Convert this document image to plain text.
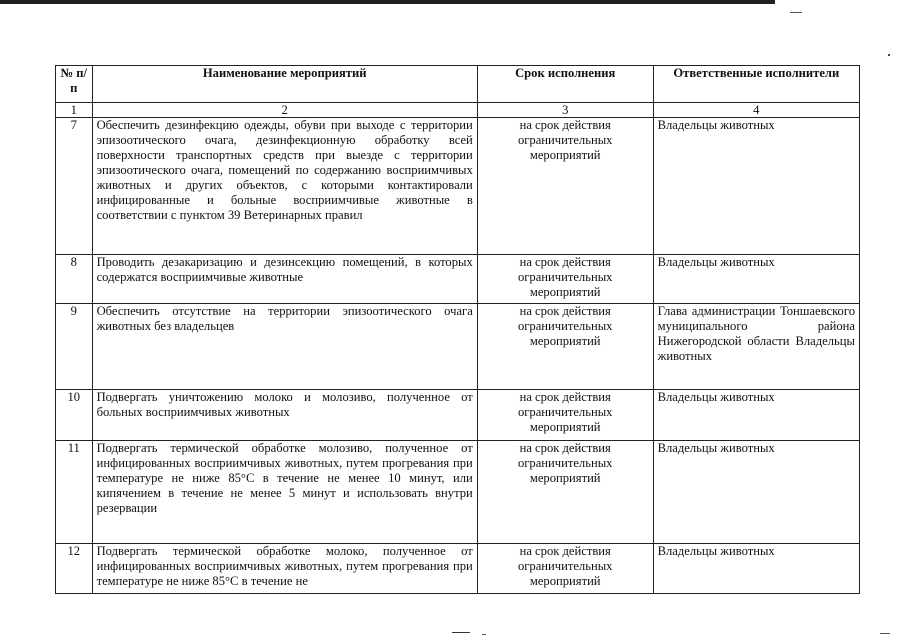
№ п/п	Наименование мероприятий	Срок исполнения	Ответственные исполнители
1	2	3	4
7	Обеспечить дезинфекцию одежды, обуви при выходе с территории эпизоотического очага, дезинфекционную обработку всей поверхности транспортных средств при выезде с территории эпизоотического очага, помещений по содержанию восприимчивых животных и других объектов, с которыми контактировали инфицированные и больные восприимчивые животные в соответствии с пунктом 39 Ветеринарных правил	на срок действия ограничительных мероприятий	Владельцы животных
8	Проводить дезакаризацию и дезинсекцию помещений, в которых содержатся восприимчивые животные	на срок действия ограничительных мероприятий	Владельцы животных
9	Обеспечить отсутствие на территории эпизоотического очага животных без владельцев	на срок действия ограничительных мероприятий	Глава администрации Тоншаевского муниципального района Нижегородской области Владельцы животных
10	Подвергать уничтожению молоко и молозиво, полученное от больных восприимчивых животных	на срок действия ограничительных мероприятий	Владельцы животных
11	Подвергать термической обработке молозиво, полученное от инфицированных восприимчивых животных, путем прогревания при температуре не ниже 85°С в течение не менее 10 минут, или кипячением в течение не менее 5 минут и использовать внутри резервации	на срок действия ограничительных мероприятий	Владельцы животных
12	Подвергать термической обработке молоко, полученное от инфицированных восприимчивых животных, путем прогревания при температуре не ниже 85°С в течение не	на срок действия ограничительных мероприятий	Владельцы животных
